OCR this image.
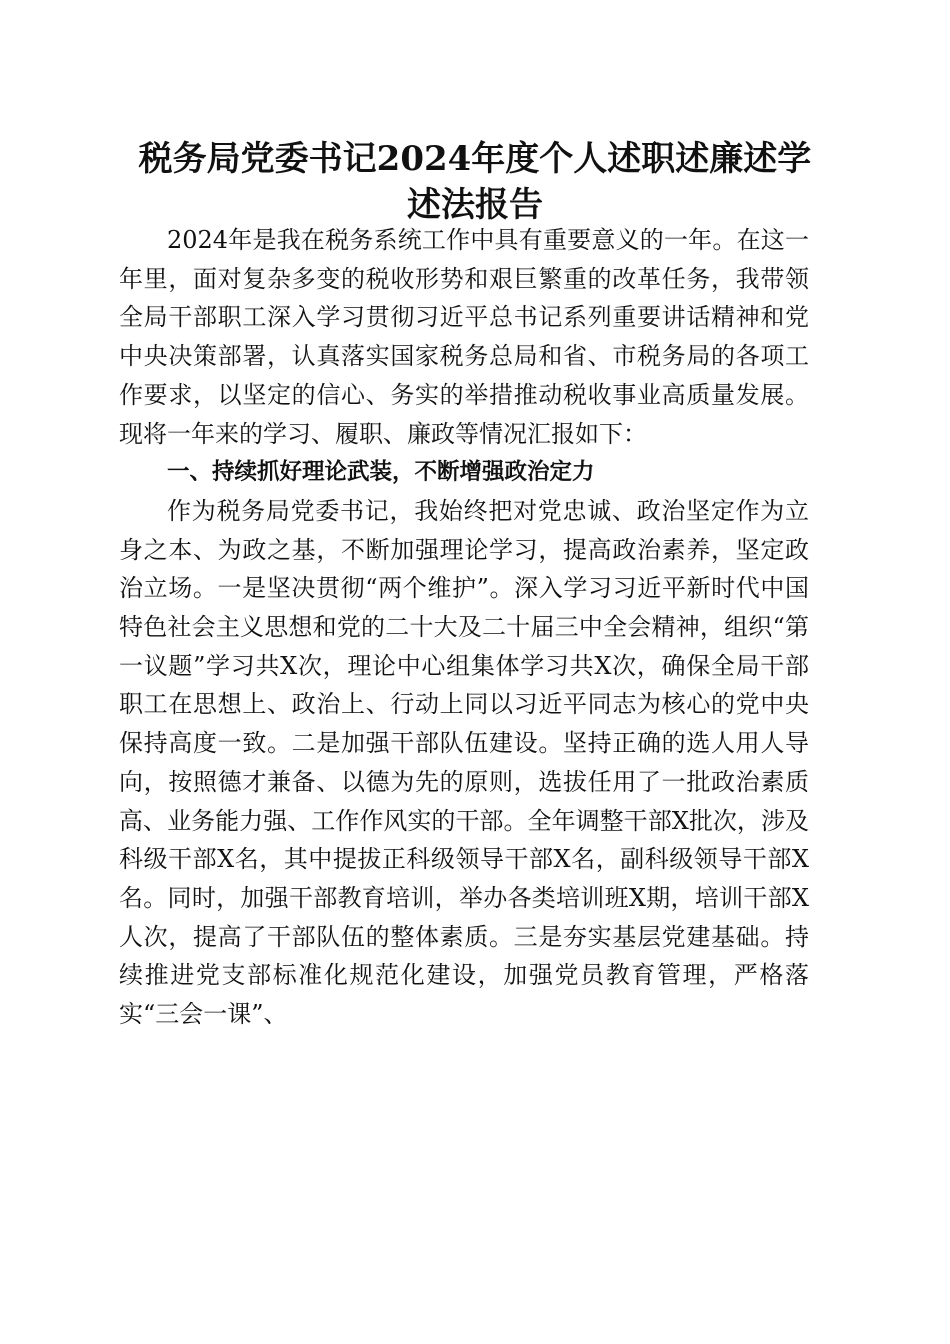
税务局党委书记2024年度个人述职述廉述学
述法报告

2024年是我在税务系统工作中具有重要意义的一年。在这一年里，面对复杂多变的税收形势和艰巨繁重的改革任务，我带领全局干部职工深入学习贯彻习近平总书记系列重要讲话精神和党中央决策部署，认真落实国家税务总局和省、市税务局的各项工作要求，以坚定的信心、务实的举措推动税收事业高质量发展。现将一年来的学习、履职、廉政等情况汇报如下：

一、持续抓好理论武装，不断增强政治定力

作为税务局党委书记，我始终把对党忠诚、政治坚定作为立身之本、为政之基，不断加强理论学习，提高政治素养，坚定政治立场。一是坚决贯彻“两个维护”。深入学习习近平新时代中国特色社会主义思想和党的二十大及二十届三中全会精神，组织“第一议题”学习共X次，理论中心组集体学习共X次，确保全局干部职工在思想上、政治上、行动上同以习近平同志为核心的党中央保持高度一致。二是加强干部队伍建设。坚持正确的选人用人导向，按照德才兼备、以德为先的原则，选拔任用了一批政治素质高、业务能力强、工作作风实的干部。全年调整干部X批次，涉及科级干部X名，其中提拔正科级领导干部X名，副科级领导干部X名。同时，加强干部教育培训，举办各类培训班X期，培训干部X人次，提高了干部队伍的整体素质。三是夯实基层党建基础。持续推进党支部标准化规范化建设，加强党员教育管理，严格落实“三会一课”、
